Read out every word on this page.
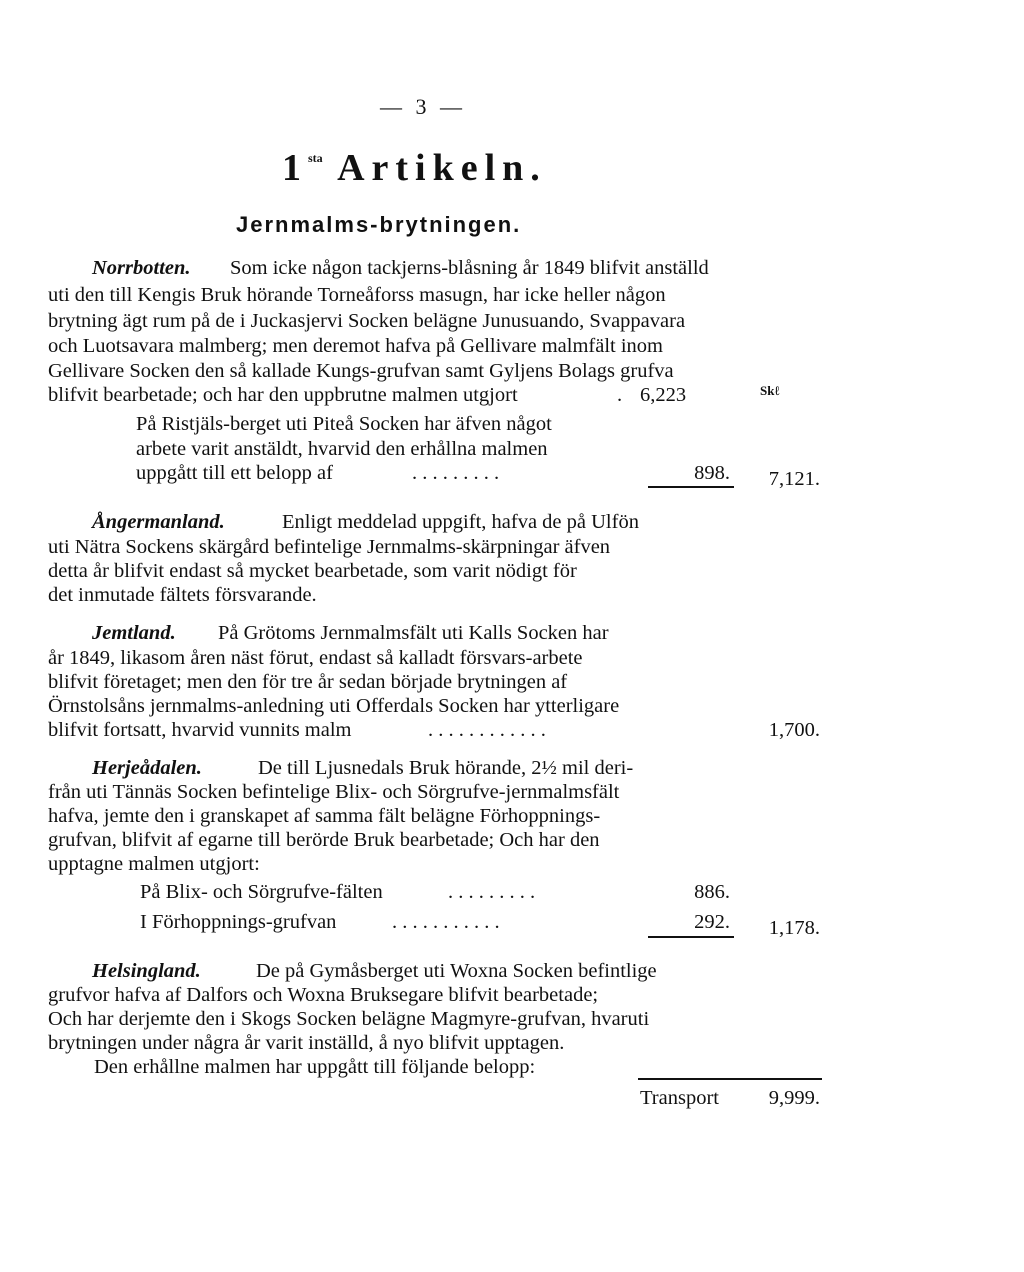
— 3 —
$1^{sta}$ Artikeln.
Jernmalms-brytningen.
Norrbotten. Som icke någon tackjerns-blåsning år 1849 blifvit anställd
uti den till Kengis Bruk hörande Torneåforss masugn, har icke heller någon
brytning ägt rum på de i Juckasjervi Socken belägne Junusuando, Svappavara
och Luotsavara malmberg; men deremot hafva på Gellivare malmfält inom
Gellivare Socken den så kallade Kungs-grufvan samt Gyljens Bolags grufva
blifvit bearbetade; och har den uppbrutne malmen utgjort	. 6,223	Skℓ
På Ristjäls-berget uti Piteå Socken har äfven något
arbete varit anstäldt, hvarvid den erhållna malmen
uppgått till ett belopp af	. . . . . . . . .	898.	7,121.
Ångermanland.	Enligt meddelad uppgift, hafva de på Ulfön
uti Nätra Sockens skärgård befintelige Jernmalms-skärpningar äfven
detta år blifvit endast så mycket bearbetade, som varit nödigt för
det inmutade fältets försvarande.
Jemtland. På Grötoms Jernmalmsfält uti Kalls Socken har
år 1849, likasom åren näst förut, endast så kalladt försvars-arbete
blifvit företaget; men den för tre år sedan började brytningen af
Örnstolsåns jernmalms-anledning uti Offerdals Socken har ytterligare
blifvit fortsatt, hvarvid vunnits malm	. . . . . . . . . . . .	1,700.
Herjeådalen.	De till Ljusnedals Bruk hörande, 2½ mil deri-
från uti Tännäs Socken befintelige Blix- och Sörgrufve-jernmalmsfält
hafva, jemte den i granskapet af samma fält belägne Förhoppnings-
grufvan, blifvit af egarne till berörde Bruk bearbetade; Och har den
upptagne malmen utgjort:
På Blix- och Sörgrufve-fälten	. . . . . . . . .	886.
I Förhoppnings-grufvan	. . . . . . . . . . .	292.	1,178.
Helsingland.	De på Gymåsberget uti Woxna Socken befintlige
grufvor hafva af Dalfors och Woxna Bruksegare blifvit bearbetade;
Och har derjemte den i Skogs Socken belägne Magmyre-grufvan, hvaruti
brytningen under några år varit inställd, å nyo blifvit upptagen.
Den erhållne malmen har uppgått till följande belopp:
Transport	9,999.
